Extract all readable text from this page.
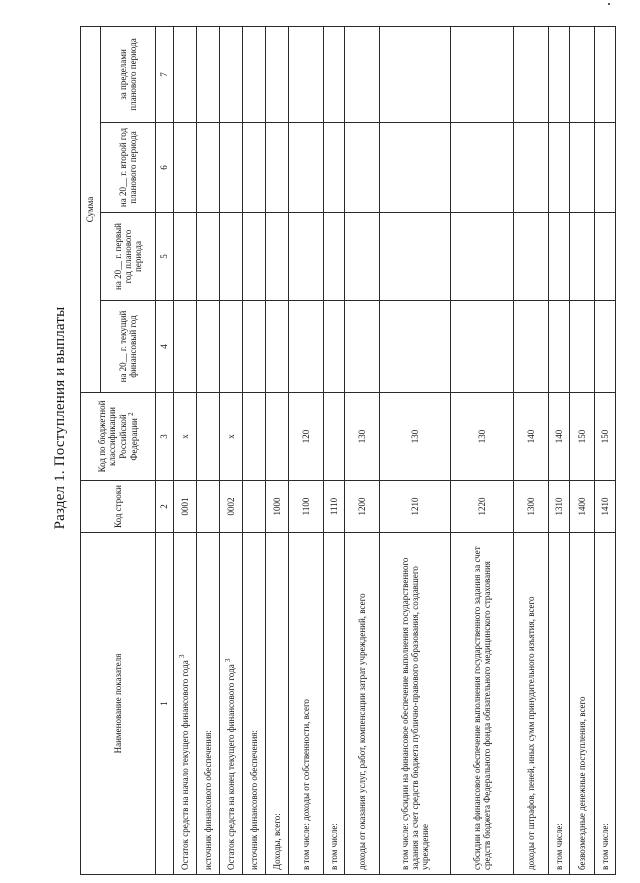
Раздел 1. Поступления и выплаты
Наименование показателя	Код строки	Код по бюджетной классификации Российской Федерации $^2$	Сумма			
			на 20__ г. текущий финансовый год	на 20__ г. первый год планового периода	на 20__ г. второй год планового периода	за пределами планового периода
1	2	3	4	5	6	7
Остаток средств на начало текущего финансового года $^3$	0001	х				
источник финансового обеспечения:						
Остаток средств на конец текущего финансового года $^3$	0002	х				
источник финансового обеспечения:						
Доходы, всего:	1000					
в том числе: доходы от собственности, всего	1100	120				
в том числе:	1110					
доходы от оказания услуг, работ, компенсации затрат учреждений, всего	1200	130				
в том числе: субсидии на финансовое обеспечение выполнения государственного задания за счет средств бюджета публично-правового образования, создавшего учреждение	1210	130				
субсидии на финансовое обеспечение выполнения государственного задания за счет средств бюджета Федерального фонда обязательного медицинского страхования	1220	130				
доходы от штрафов, пеней, иных сумм принудительного изъятия, всего	1300	140				
в том числе:	1310	140				
безвозмездные денежные поступления, всего	1400	150				
в том числе:	1410	150				
